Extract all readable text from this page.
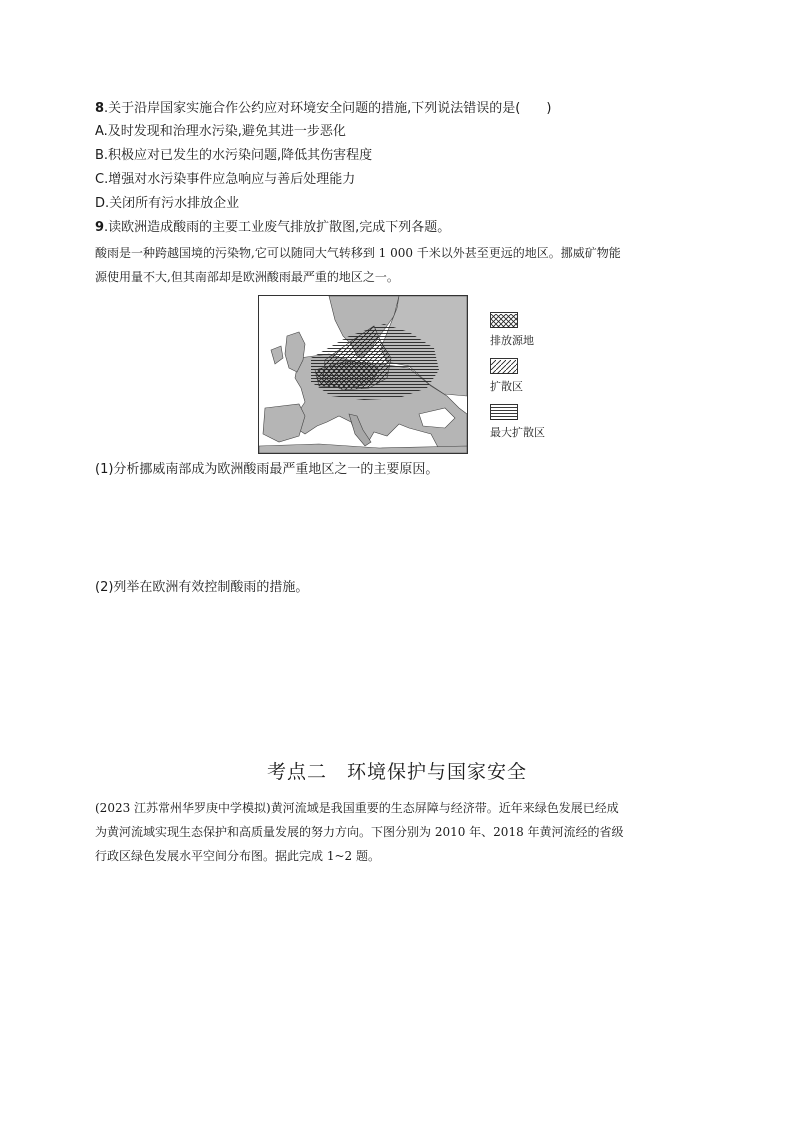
8.关于沿岸国家实施合作公约应对环境安全问题的措施,下列说法错误的是(　　)
A.及时发现和治理水污染,避免其进一步恶化
B.积极应对已发生的水污染问题,降低其伤害程度
C.增强对水污染事件应急响应与善后处理能力
D.关闭所有污水排放企业
9.读欧洲造成酸雨的主要工业废气排放扩散图,完成下列各题。
酸雨是一种跨越国境的污染物,它可以随同大气转移到 1 000 千米以外甚至更远的地区。挪威矿物能
源使用量不大,但其南部却是欧洲酸雨最严重的地区之一。
排放源地
扩散区
最大扩散区
(1)分析挪威南部成为欧洲酸雨最严重地区之一的主要原因。
(2)列举在欧洲有效控制酸雨的措施。
考点二　环境保护与国家安全
(2023 江苏常州华罗庚中学模拟)黄河流域是我国重要的生态屏障与经济带。近年来绿色发展已经成
为黄河流域实现生态保护和高质量发展的努力方向。下图分别为 2010 年、2018 年黄河流经的省级
行政区绿色发展水平空间分布图。据此完成 1~2 题。
